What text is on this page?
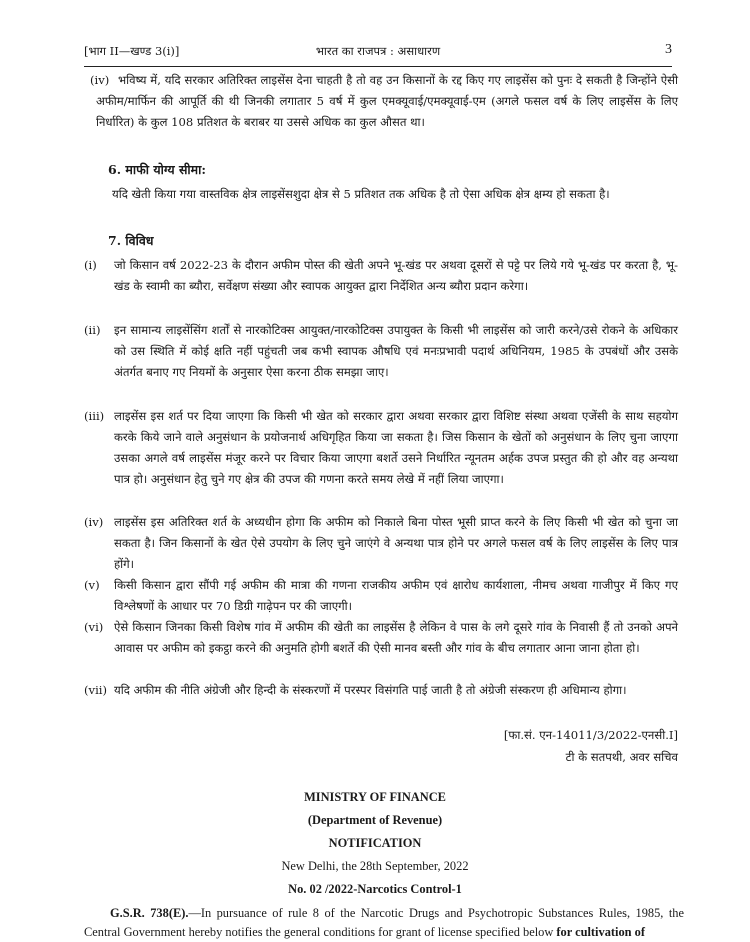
[भाग II—खण्ड 3(i)]	भारत का राजपत्र : असाधारण	3
(iv) भविष्य में, यदि सरकार अतिरिक्त लाइसेंस देना चाहती है तो वह उन किसानों के रद्द किए गए लाइसेंस को पुनः दे सकती है जिन्होंने ऐसी अफीम/मार्फिन की आपूर्ति की थी जिनकी लगातार 5 वर्ष में कुल एमक्यूवाई/एमक्यूवाई-एम (अगले फसल वर्ष के लिए लाइसेंस के लिए निर्धारित) के कुल 108 प्रतिशत के बराबर या उससे अधिक का कुल औसत था।
6. माफी योग्य सीमा:
यदि खेती किया गया वास्तविक क्षेत्र लाइसेंसशुदा क्षेत्र से 5 प्रतिशत तक अधिक है तो ऐसा अधिक क्षेत्र क्षम्य हो सकता है।
7. विविध
(i)	जो किसान वर्ष 2022-23 के दौरान अफीम पोस्त की खेती अपने भू-खंड पर अथवा दूसरों से पट्टे पर लिये गये भू-खंड पर करता है, भू-खंड के स्वामी का ब्यौरा, सर्वेक्षण संख्या और स्वापक आयुक्त द्वारा निर्देशित अन्य ब्यौरा प्रदान करेगा।
(ii)	इन सामान्य लाइसेंसिंग शर्तों से नारकोटिक्स आयुक्त/नारकोटिक्स उपायुक्त के किसी भी लाइसेंस को जारी करने/उसे रोकने के अधिकार को उस स्थिति में कोई क्षति नहीं पहुंचती जब कभी स्वापक औषधि एवं मनःप्रभावी पदार्थ अधिनियम, 1985 के उपबंधों और उसके अंतर्गत बनाए गए नियमों के अनुसार ऐसा करना ठीक समझा जाए।
(iii) लाइसेंस इस शर्त पर दिया जाएगा कि किसी भी खेत को सरकार द्वारा अथवा सरकार द्वारा विशिष्ट संस्था अथवा एजेंसी के साथ सहयोग करके किये जाने वाले अनुसंधान के प्रयोजनार्थ अधिगृहित किया जा सकता है। जिस किसान के खेतों को अनुसंधान के लिए चुना जाएगा उसका अगले वर्ष लाइसेंस मंजूर करने पर विचार किया जाएगा बशर्ते उसने निर्धारित न्यूनतम अर्हक उपज प्रस्तुत की हो और वह अन्यथा पात्र हो। अनुसंधान हेतु चुने गए क्षेत्र की उपज की गणना करते समय लेखे में नहीं लिया जाएगा।
(iv) लाइसेंस इस अतिरिक्त शर्त के अध्यधीन होगा कि अफीम को निकाले बिना पोस्त भूसी प्राप्त करने के लिए किसी भी खेत को चुना जा सकता है। जिन किसानों के खेत ऐसे उपयोग के लिए चुने जाएंगे वे अन्यथा पात्र होने पर अगले फसल वर्ष के लिए लाइसेंस के लिए पात्र होंगे।
(v)	किसी किसान द्वारा सौंपी गई अफीम की मात्रा की गणना राजकीय अफीम एवं क्षारोध कार्यशाला, नीमच अथवा गाजीपुर में किए गए विश्लेषणों के आधार पर 70 डिग्री गाढ़ेपन पर की जाएगी।
(vi) ऐसे किसान जिनका किसी विशेष गांव में अफीम की खेती का लाइसेंस है लेकिन वे पास के लगे दूसरे गांव के निवासी हैं तो उनको अपने आवास पर अफीम को इकट्ठा करने की अनुमति होगी बशर्ते की ऐसी मानव बस्ती और गांव के बीच लगातार आना जाना होता हो।
(vii) यदि अफीम की नीति अंग्रेजी और हिन्दी के संस्करणों में परस्पर विसंगति पाई जाती है तो अंग्रेजी संस्करण ही अधिमान्य होगा।
[फा.सं. एन-14011/3/2022-एनसी.I]
टी के सतपथी, अवर सचिव
MINISTRY OF FINANCE
(Department of Revenue)
NOTIFICATION
New Delhi, the 28th September, 2022
No. 02 /2022-Narcotics Control-1
G.S.R. 738(E).—In pursuance of rule 8 of the Narcotic Drugs and Psychotropic Substances Rules, 1985, the Central Government hereby notifies the general conditions for grant of license specified below for cultivation of
